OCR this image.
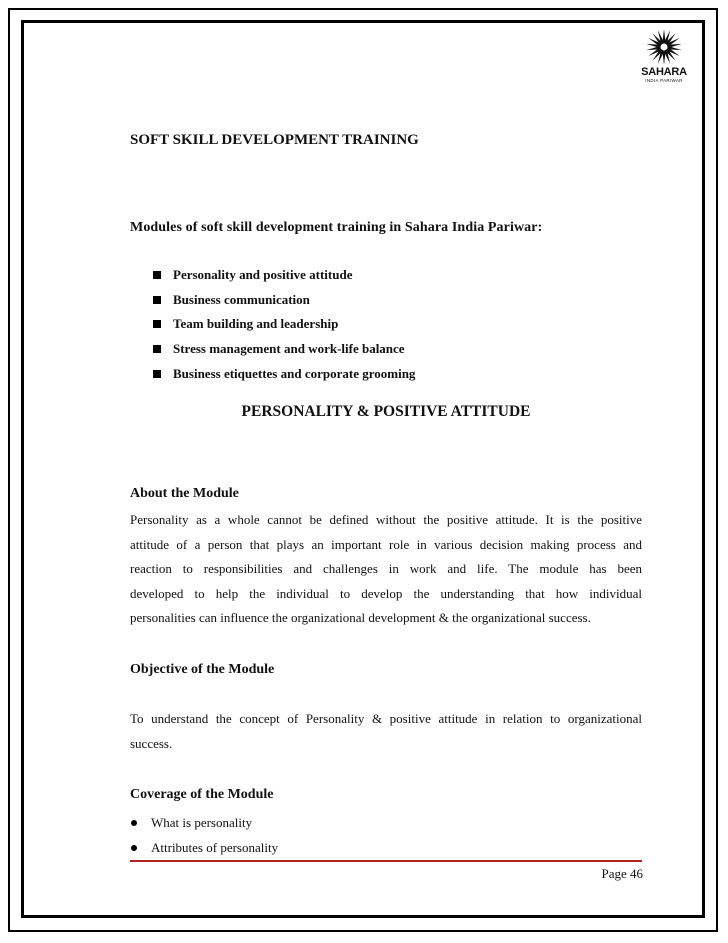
SAHARA
INDIA PARIWAR
SOFT SKILL DEVELOPMENT TRAINING
Modules of soft skill development training in Sahara India Pariwar:
Personality and positive attitude
Business communication
Team building and leadership
Stress management and work-life balance
Business etiquettes and corporate grooming
PERSONALITY & POSITIVE ATTITUDE
About the Module
Personality as a whole cannot be defined without the positive attitude. It is the positive
attitude of a person that plays an important role in various decision making process and
reaction to responsibilities and challenges in work and life. The module has been
developed to help the individual to develop the understanding that how individual
personalities can influence the organizational development & the organizational success.
Objective of the Module
To understand the concept of Personality & positive attitude in relation to organizational
success.
Coverage of the Module
What is personality
Attributes of personality
Page 46
